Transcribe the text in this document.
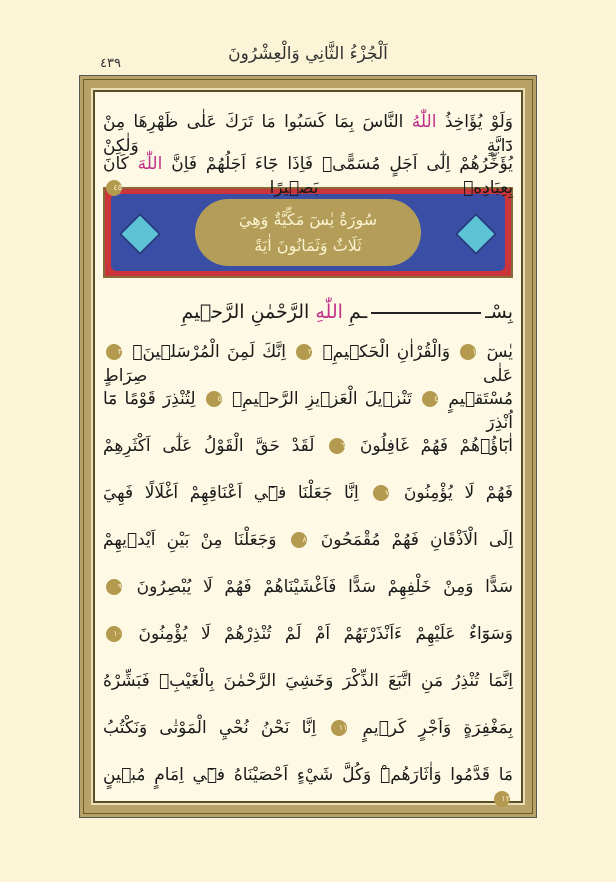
٤٣٩	اَلْجُزْءُ الثَّانِي وَالْعِشْرُونَ
سُورَةُ يٰسٓ مَكِّيَّةٌ وَهِيَ
ثَلَاثٌ وَثَمَانُونَ اٰيَةً
وَلَوْ يُؤَاخِذُ اللّٰهُ النَّاسَ بِمَا كَسَبُوا مَا تَرَكَ عَلٰى ظَهْرِهَا مِنْ دَٓابَّةٍ وَلٰكِنْ
يُؤَخِّرُهُمْ اِلٰٓى اَجَلٍ مُسَمًّىۚ فَاِذَا جَٓاءَ اَجَلُهُمْ فَاِنَّ اللّٰهَ كَانَ بِعِبَادِهٖ بَص۪يرًا ٤٥
بِسْــمِ اللّٰهِ الرَّحْمٰنِ الرَّح۪يمِ
يٰسٓ ١ وَالْقُرْاٰنِ الْحَك۪يمِۙ ٢ اِنَّكَ لَمِنَ الْمُرْسَل۪ينَۙ ٣ عَلٰى صِرَاطٍ
مُسْتَق۪يمٍ ٤ تَنْز۪يلَ الْعَز۪يزِ الرَّح۪يمِۙ ٥ لِتُنْذِرَ قَوْمًا مَٓا اُنْذِرَ
اٰبَٓاؤُ۬هُمْ فَهُمْ غَافِلُونَ ٦ لَقَدْ حَقَّ الْقَوْلُ عَلٰٓى اَكْثَرِهِمْ
فَهُمْ لَا يُؤْمِنُونَ ٧ اِنَّا جَعَلْنَا ف۪ٓي اَعْنَاقِهِمْ اَغْلَالًا فَهِيَ
اِلَى الْاَذْقَانِ فَهُمْ مُقْمَحُونَ ٨ وَجَعَلْنَا مِنْ بَيْنِ اَيْد۪يهِمْ
سَدًّا وَمِنْ خَلْفِهِمْ سَدًّا فَاَغْشَيْنَاهُمْ فَهُمْ لَا يُبْصِرُونَ ٩
وَسَوَٓاءٌ عَلَيْهِمْ ءَاَنْذَرْتَهُمْ اَمْ لَمْ تُنْذِرْهُمْ لَا يُؤْمِنُونَ ١٠
اِنَّمَا تُنْذِرُ مَنِ اتَّبَعَ الذِّكْرَ وَخَشِيَ الرَّحْمٰنَ بِالْغَيْبِۚ فَبَشِّرْهُ
بِمَغْفِرَةٍ وَاَجْرٍ كَر۪يمٍ ١١ اِنَّا نَحْنُ نُحْيِ الْمَوْتٰى وَنَكْتُبُ
مَا قَدَّمُوا وَاٰثَارَهُمْۜ وَكُلَّ شَيْءٍ اَحْصَيْنَاهُ ف۪ٓي اِمَامٍ مُب۪ينٍ ١٢
